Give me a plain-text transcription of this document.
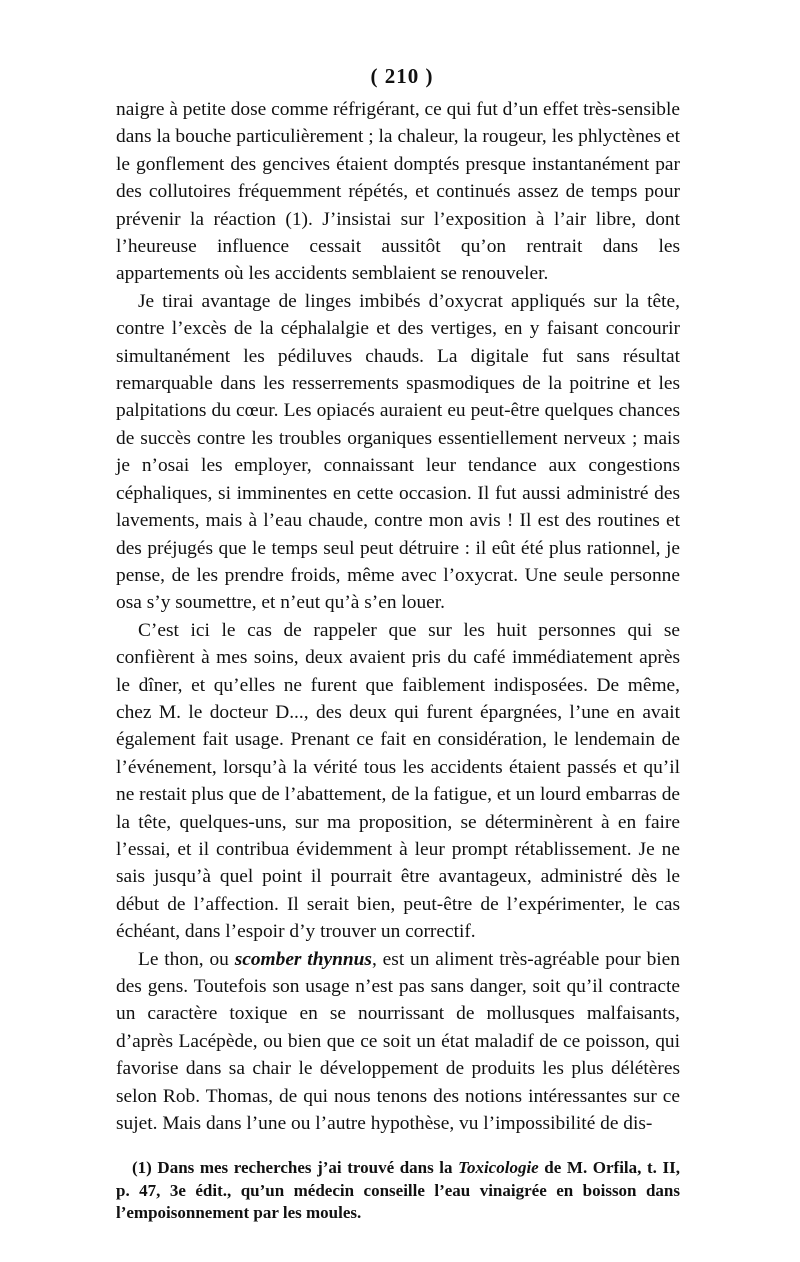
( 210 )

naigre à petite dose comme réfrigérant, ce qui fut d’un effet très-sensible dans la bouche particulièrement ; la chaleur, la rougeur, les phlyctènes et le gonflement des gencives étaient domptés presque instantanément par des collutoires fréquemment répétés, et continués assez de temps pour prévenir la réaction (1). J’insistai sur l’exposition à l’air libre, dont l’heureuse influence cessait aussitôt qu’on rentrait dans les appartements où les accidents semblaient se renouveler.

Je tirai avantage de linges imbibés d’oxycrat appliqués sur la tête, contre l’excès de la céphalalgie et des vertiges, en y faisant concourir simultanément les pédiluves chauds. La digitale fut sans résultat remarquable dans les resserrements spasmodiques de la poitrine et les palpitations du cœur. Les opiacés auraient eu peut-être quelques chances de succès contre les troubles organiques essentiellement nerveux ; mais je n’osai les employer, connaissant leur tendance aux congestions céphaliques, si imminentes en cette occasion. Il fut aussi administré des lavements, mais à l’eau chaude, contre mon avis ! Il est des routines et des préjugés que le temps seul peut détruire : il eût été plus rationnel, je pense, de les prendre froids, même avec l’oxycrat. Une seule personne osa s’y soumettre, et n’eut qu’à s’en louer.

C’est ici le cas de rappeler que sur les huit personnes qui se confièrent à mes soins, deux avaient pris du café immédiatement après le dîner, et qu’elles ne furent que faiblement indisposées. De même, chez M. le docteur D..., des deux qui furent épargnées, l’une en avait également fait usage. Prenant ce fait en considération, le lendemain de l’événement, lorsqu’à la vérité tous les accidents étaient passés et qu’il ne restait plus que de l’abattement, de la fatigue, et un lourd embarras de la tête, quelques-uns, sur ma proposition, se déterminèrent à en faire l’essai, et il contribua évidemment à leur prompt rétablissement. Je ne sais jusqu’à quel point il pourrait être avantageux, administré dès le début de l’affection. Il serait bien, peut-être de l’expérimenter, le cas échéant, dans l’espoir d’y trouver un correctif.

Le thon, ou scomber thynnus, est un aliment très-agréable pour bien des gens. Toutefois son usage n’est pas sans danger, soit qu’il contracte un caractère toxique en se nourrissant de mollusques malfaisants, d’après Lacépède, ou bien que ce soit un état maladif de ce poisson, qui favorise dans sa chair le développement de produits les plus délétères selon Rob. Thomas, de qui nous tenons des notions intéressantes sur ce sujet. Mais dans l’une ou l’autre hypothèse, vu l’impossibilité de dis-

(1) Dans mes recherches j’ai trouvé dans la Toxicologie de M. Orfila, t. II, p. 47, 3e édit., qu’un médecin conseille l’eau vinaigrée en boisson dans l’empoisonnement par les moules.
